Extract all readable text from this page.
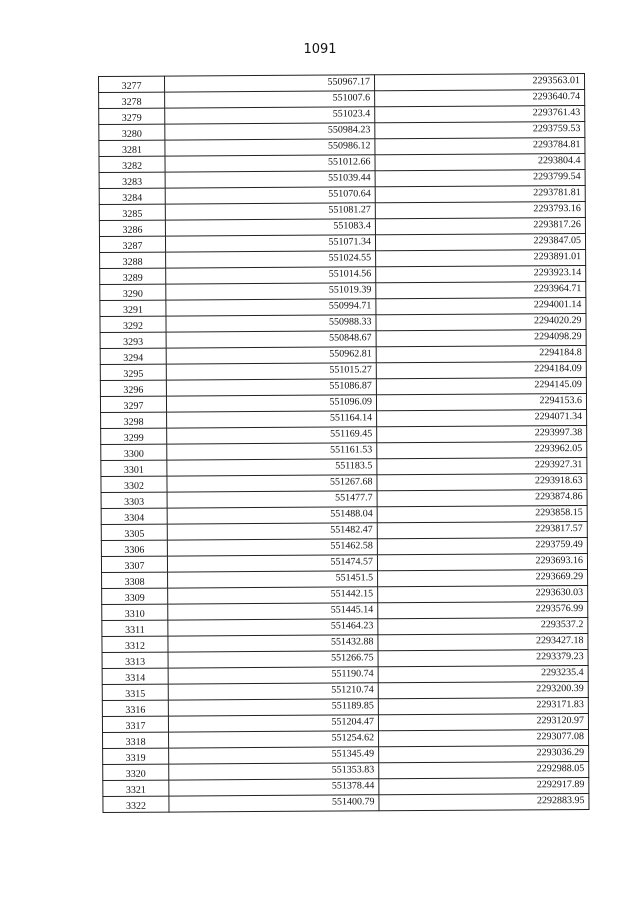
1091
3277	550967.17	2293563.01
3278	551007.6	2293640.74
3279	551023.4	2293761.43
3280	550984.23	2293759.53
3281	550986.12	2293784.81
3282	551012.66	2293804.4
3283	551039.44	2293799.54
3284	551070.64	2293781.81
3285	551081.27	2293793.16
3286	551083.4	2293817.26
3287	551071.34	2293847.05
3288	551024.55	2293891.01
3289	551014.56	2293923.14
3290	551019.39	2293964.71
3291	550994.71	2294001.14
3292	550988.33	2294020.29
3293	550848.67	2294098.29
3294	550962.81	2294184.8
3295	551015.27	2294184.09
3296	551086.87	2294145.09
3297	551096.09	2294153.6
3298	551164.14	2294071.34
3299	551169.45	2293997.38
3300	551161.53	2293962.05
3301	551183.5	2293927.31
3302	551267.68	2293918.63
3303	551477.7	2293874.86
3304	551488.04	2293858.15
3305	551482.47	2293817.57
3306	551462.58	2293759.49
3307	551474.57	2293693.16
3308	551451.5	2293669.29
3309	551442.15	2293630.03
3310	551445.14	2293576.99
3311	551464.23	2293537.2
3312	551432.88	2293427.18
3313	551266.75	2293379.23
3314	551190.74	2293235.4
3315	551210.74	2293200.39
3316	551189.85	2293171.83
3317	551204.47	2293120.97
3318	551254.62	2293077.08
3319	551345.49	2293036.29
3320	551353.83	2292988.05
3321	551378.44	2292917.89
3322	551400.79	2292883.95
